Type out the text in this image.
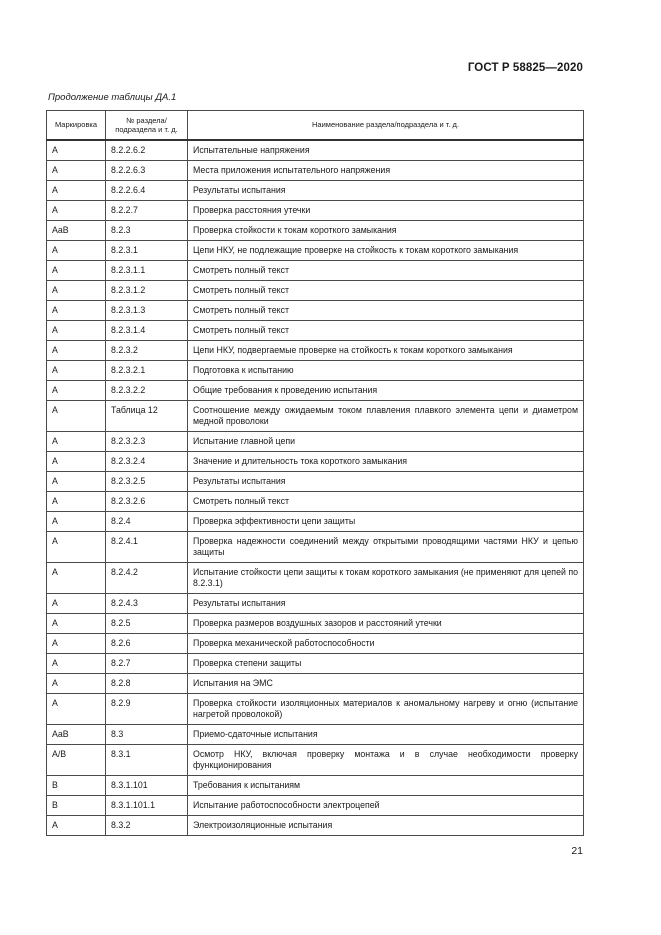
ГОСТ Р 58825—2020
Продолжение таблицы ДА.1
Маркировка	№ раздела/подраздела и т. д.	Наименование раздела/подраздела и т. д.
A	8.2.2.6.2	Испытательные напряжения
A	8.2.2.6.3	Места приложения испытательного напряжения
A	8.2.2.6.4	Результаты испытания
A	8.2.2.7	Проверка расстояния утечки
AaB	8.2.3	Проверка стойкости к токам короткого замыкания
A	8.2.3.1	Цепи НКУ, не подлежащие проверке на стойкость к токам короткого замыкания
A	8.2.3.1.1	Смотреть полный текст
A	8.2.3.1.2	Смотреть полный текст
A	8.2.3.1.3	Смотреть полный текст
A	8.2.3.1.4	Смотреть полный текст
A	8.2.3.2	Цепи НКУ, подвергаемые проверке на стойкость к токам короткого замыкания
A	8.2.3.2.1	Подготовка к испытанию
A	8.2.3.2.2	Общие требования к проведению испытания
A	Таблица 12	Соотношение между ожидаемым током плавления плавкого элемента цепи и диаметром медной проволоки
A	8.2.3.2.3	Испытание главной цепи
A	8.2.3.2.4	Значение и длительность тока короткого замыкания
A	8.2.3.2.5	Результаты испытания
A	8.2.3.2.6	Смотреть полный текст
A	8.2.4	Проверка эффективности цепи защиты
A	8.2.4.1	Проверка надежности соединений между открытыми проводящими частями НКУ и цепью защиты
A	8.2.4.2	Испытание стойкости цепи защиты к токам короткого замыкания (не применяют для цепей по 8.2.3.1)
A	8.2.4.3	Результаты испытания
A	8.2.5	Проверка размеров воздушных зазоров и расстояний утечки
A	8.2.6	Проверка механической работоспособности
A	8.2.7	Проверка степени защиты
A	8.2.8	Испытания на ЭМС
A	8.2.9	Проверка стойкости изоляционных материалов к аномальному нагреву и огню (испытание нагретой проволокой)
AaB	8.3	Приемо-сдаточные испытания
A/B	8.3.1	Осмотр НКУ, включая проверку монтажа и в случае необходимости проверку функционирования
B	8.3.1.101	Требования к испытаниям
B	8.3.1.101.1	Испытание работоспособности электроцепей
A	8.3.2	Электроизоляционные испытания
21
